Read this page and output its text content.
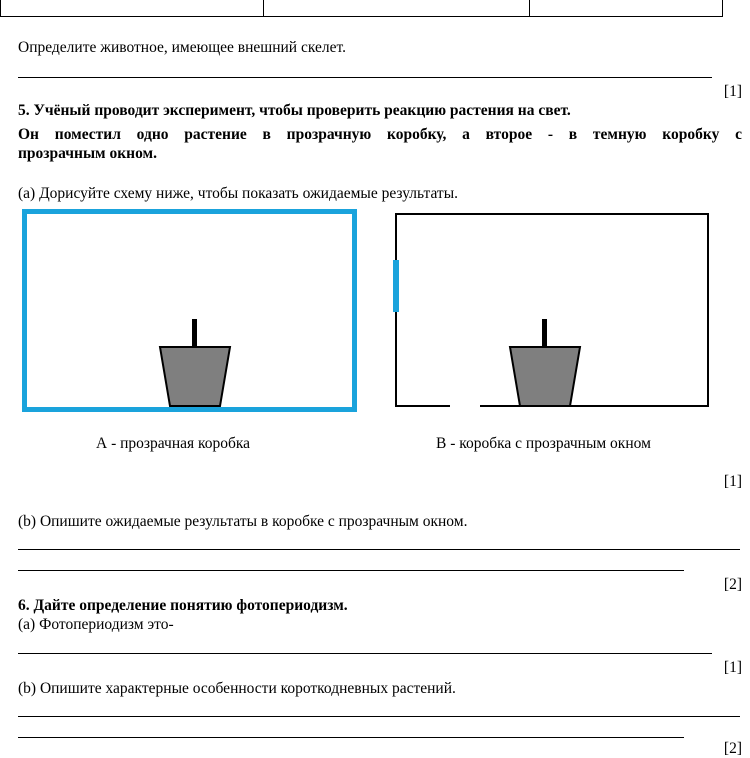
Определите животное, имеющее внешний скелет.
[1]
5. Учёный проводит эксперимент, чтобы проверить реакцию растения на свет.
Он поместил одно растение в прозрачную коробку, а второе - в темную коробку с
прозрачным окном.
(a) Дорисуйте схему ниже, чтобы показать ожидаемые результаты.
А - прозрачная коробка	В - коробка с прозрачным окном
[1]
(b) Опишите ожидаемые результаты в коробке с прозрачным окном.
[2]
6. Дайте определение понятию фотопериодизм.
(a) Фотопериодизм это-
[1]
(b) Опишите характерные особенности короткодневных растений.
[2]
